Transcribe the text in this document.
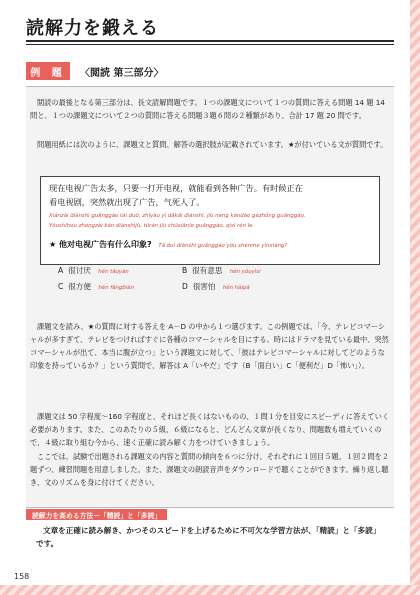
読解力を鍛える
例 題	〈閲読 第三部分〉
閲読の最後となる第三部分は、長文読解問題です。１つの課題文について１つの質問に答える問題 14 題 14 問と、１つの課題文について２つの質問に答える問題３題６問の２種類があり、合計 17 題 20 問です。
問題用紙には次のように、課題文と質問、解答の選択肢が記載されています。★が付いている文が質問です。
现在电视广告太多，只要一打开电视，就能看到各种广告。有时候正在
看电视剧，突然就出现了广告，气死人了。
Xiànzài diànshì guǎnggào tài duō, zhǐyào yì dǎkāi diànshì, jiù néng kàndào gèzhǒng guǎnggào.
Yǒushíhou zhèngzài kàn diànshìjù, tūrán jiù chūxiànle guǎnggào, qìsǐ rén le.
★ 他对电视广告有什么印象? Tā duì diànshì guǎnggào yǒu shénme yìnxiàng?
A 很讨厌 hěn tǎoyàn	B 很有意思 hěn yǒuyìsi
C 很方便 hěn fāngbiàn	D 很害怕 hěn hàipà
課題文を読み、★の質問に対する答えを A－D の中から１つ選びます。この例題では、「今、テレビコマーシャルが多すぎて、テレビをつければすぐに各種のコマーシャルを目にする。時にはドラマを見ている最中、突然コマーシャルが出て、本当に腹が立つ」という課題文に対して、「彼はテレビコマーシャルに対してどのような印象を持っているか？」という質問で、解答は A「いやだ」です（B「面白い」C「便利だ」D「怖い」）。
課題文は 50 字程度～160 字程度と、それほど長くはないものの、１問１分を目安にスピーディに答えていく必要があります。また、このあたりの５級、６級になると、どんどん文章が長くなり、問題数も増えていくので、４級に取り組む今から、速く正確に読み解く力をつけていきましょう。
ここでは、試験で出題される課題文の内容と質問の傾向を６つに分け、それぞれに１回目５題、１回２問を２題ずつ、練習問題を用意しました。また、課題文の朗読音声をダウンロードで聴くことができます。繰り返し聴き、文のリズムを身に付けてください。
読解力を高める方法－「精読」と「多読」
文章を正確に読み解き、かつそのスピードを上げるために不可欠な学習方法が、「精読」と「多読」です。
158
